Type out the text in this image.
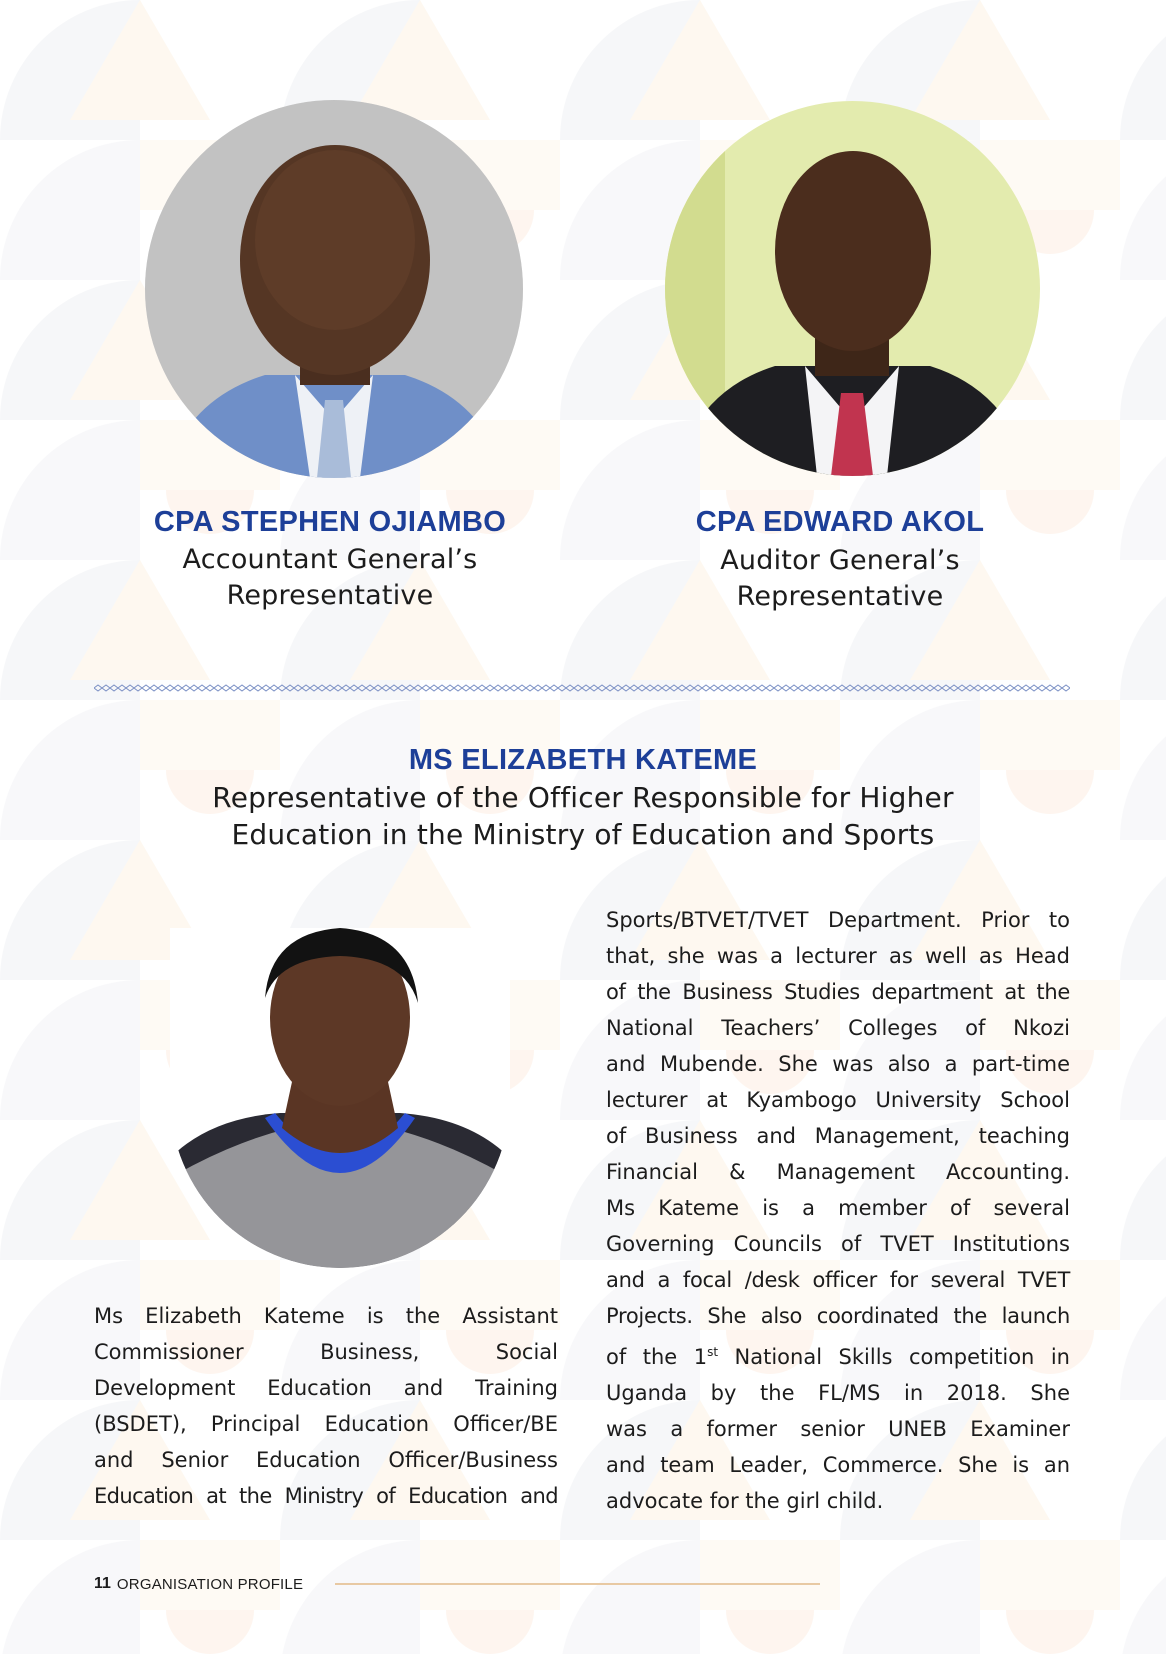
CPA STEPHEN OJIAMBO
Accountant General’s
Representative
CPA EDWARD AKOL
Auditor General’s
Representative
MS ELIZABETH KATEME
Representative of the Officer Responsible for Higher
Education in the Ministry of Education and Sports
Ms Elizabeth Kateme is the Assistant
Commissioner Business, Social
Development Education and Training
(BSDET), Principal Education Officer/BE
and Senior Education Officer/Business
Education at the Ministry of Education and
Sports/BTVET/TVET Department. Prior to
that, she was a lecturer as well as Head
of the Business Studies department at the
National Teachers’ Colleges of Nkozi
and Mubende. She was also a part-time
lecturer at Kyambogo University School
of Business and Management, teaching
Financial & Management Accounting.
Ms Kateme is a member of several
Governing Councils of TVET Institutions
and a focal /desk officer for several TVET
Projects. She also coordinated the launch
of the 1st National Skills competition in
Uganda by the FL/MS in 2018. She
was a former senior UNEB Examiner
and team Leader, Commerce. She is an
advocate for the girl child.
11 ORGANISATION PROFILE
